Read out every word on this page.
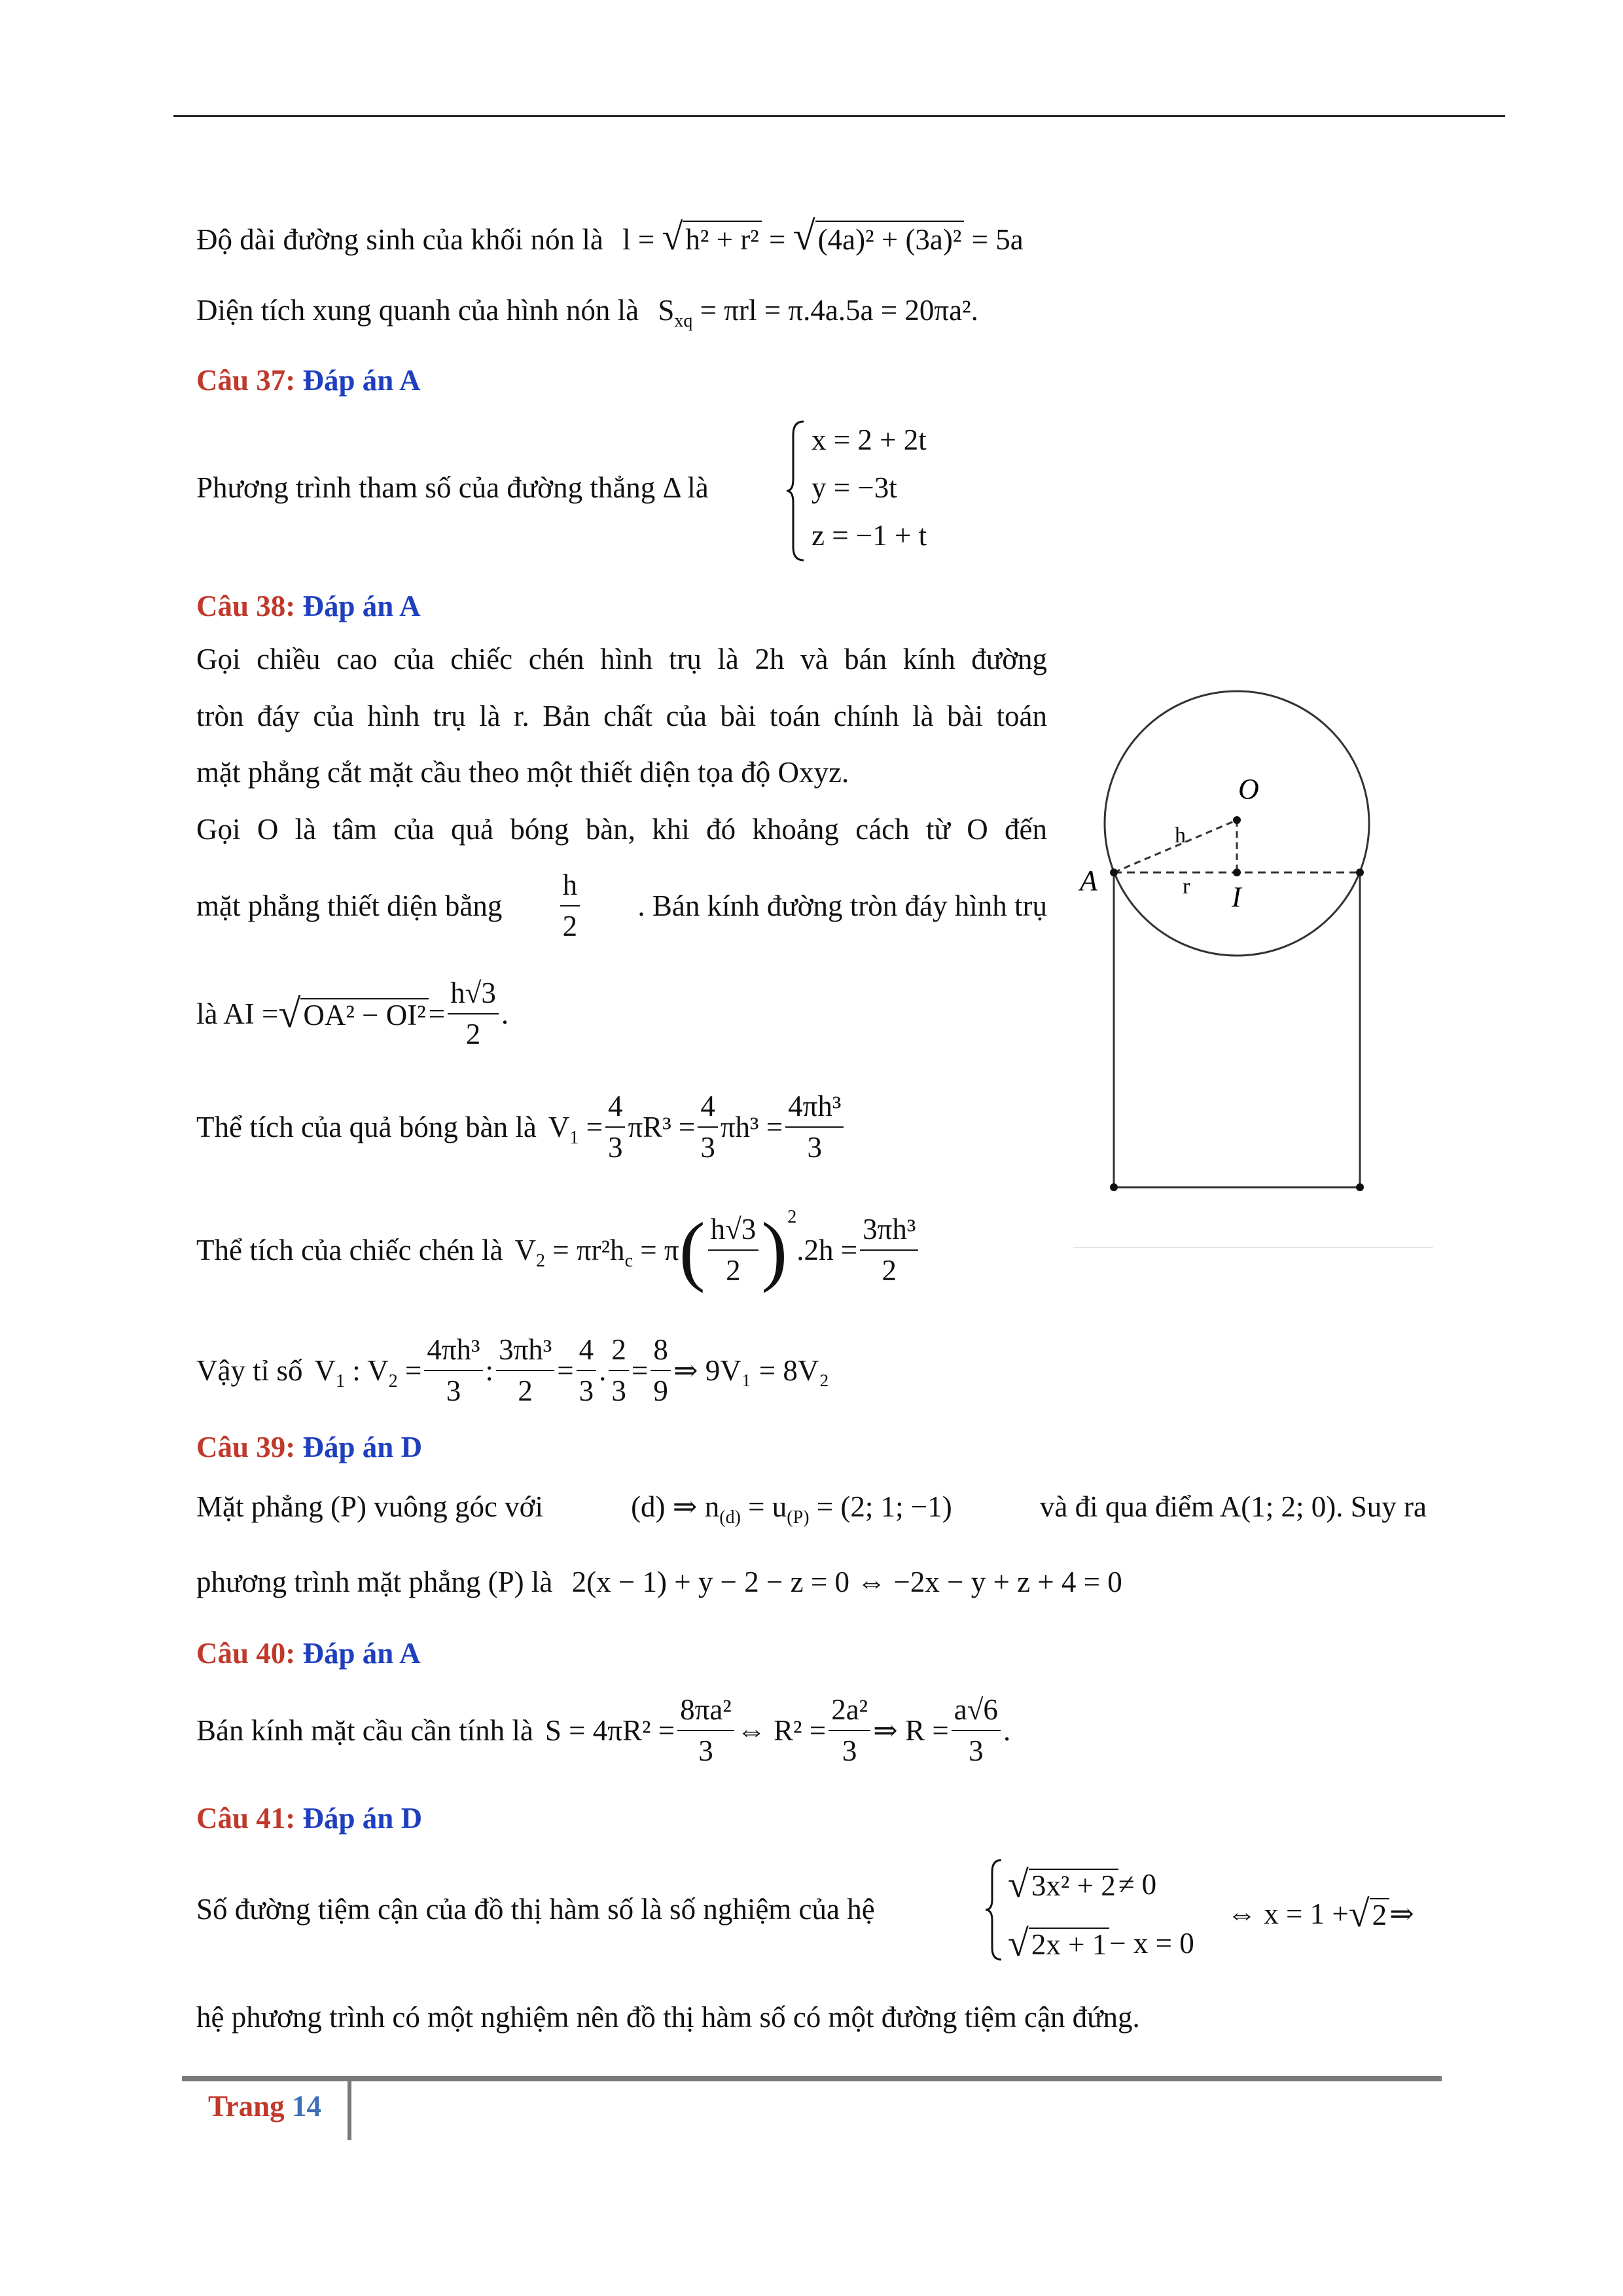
Độ dài đường sinh của khối nón là l = √h² + r² = √(4a)² + (3a)² = 5a
Diện tích xung quanh của hình nón là $S_{xq} = \pi rl = \pi.4a.5a = 20\pi a^2$.
Câu 37: Đáp án A
Phương trình tham số của đường thẳng Δ là
x = 2 + 2t
y = −3t
z = −1 + t
Câu 38: Đáp án A
Gọi chiều cao của chiếc chén hình trụ là 2h và bán kính đường
tròn đáy của hình trụ là r. Bản chất của bài toán chính là bài toán
mặt phẳng cắt mặt cầu theo một thiết diện tọa độ Oxyz.
Gọi O là tâm của quả bóng bàn, khi đó khoảng cách từ O đến
mặt phẳng thiết diện bằng $\frac{h}{2}$ . Bán kính đường tròn đáy hình trụ
là AI = √ $OA^2 - OI^2 = \frac{h√3}{2}$ .
Thể tích của quả bóng bàn là $V_1 = \frac{4}{3} \pi R^3 = \frac{4}{3} \pi h^3 = \frac{\text{4πh³}}{3}$
Thể tích của chiếc chén là $V_2 = \pi r^2h_c = \pi$ ( $\frac{h√3}{2}$ ) 2
$.2h = \frac{\text{3πh³}}{2}$
Vậy tỉ số $V_1$ : $V_2 = \frac{\text{4πh³}}{3}$ : $\frac{\text{3πh³}}{2} = \frac{4}{3}$ . $\frac{2}{3} = \frac{8}{9}$ ⇒ 9V₁ = 8V₂
Câu 39: Đáp án D
Mặt phẳng (P) vuông góc với	(d) ⇒ $n_{(d)} = u_{(P)} = (2$; 1; −1)	và đi qua điểm A(1; 2; 0). Suy ra
phương trình mặt phẳng (P) là 2(x − 1) + y − 2 − z = 0 ⇔ −2x − y + z + 4 = 0
Câu 40: Đáp án A
Bán kính mặt cầu cần tính là $S = 4\pi R^2 = \frac{\text{8πa²}}{3}$ ⇔ $R^2 = \frac{\text{2a²}}{3}$ ⇒ $R = \frac{a√6}{3}$ .
Câu 41: Đáp án D
Số đường tiệm cận của đồ thị hàm số là số nghiệm của hệ
√ 3x² + 2 ≠ 0
√ 2x + 1 − x = 0
⇔ x = 1 + √ 2 ⇒
hệ phương trình có một nghiệm nên đồ thị hàm số có một đường tiệm cận đứng.
O
A
I
h
r
Trang 14
